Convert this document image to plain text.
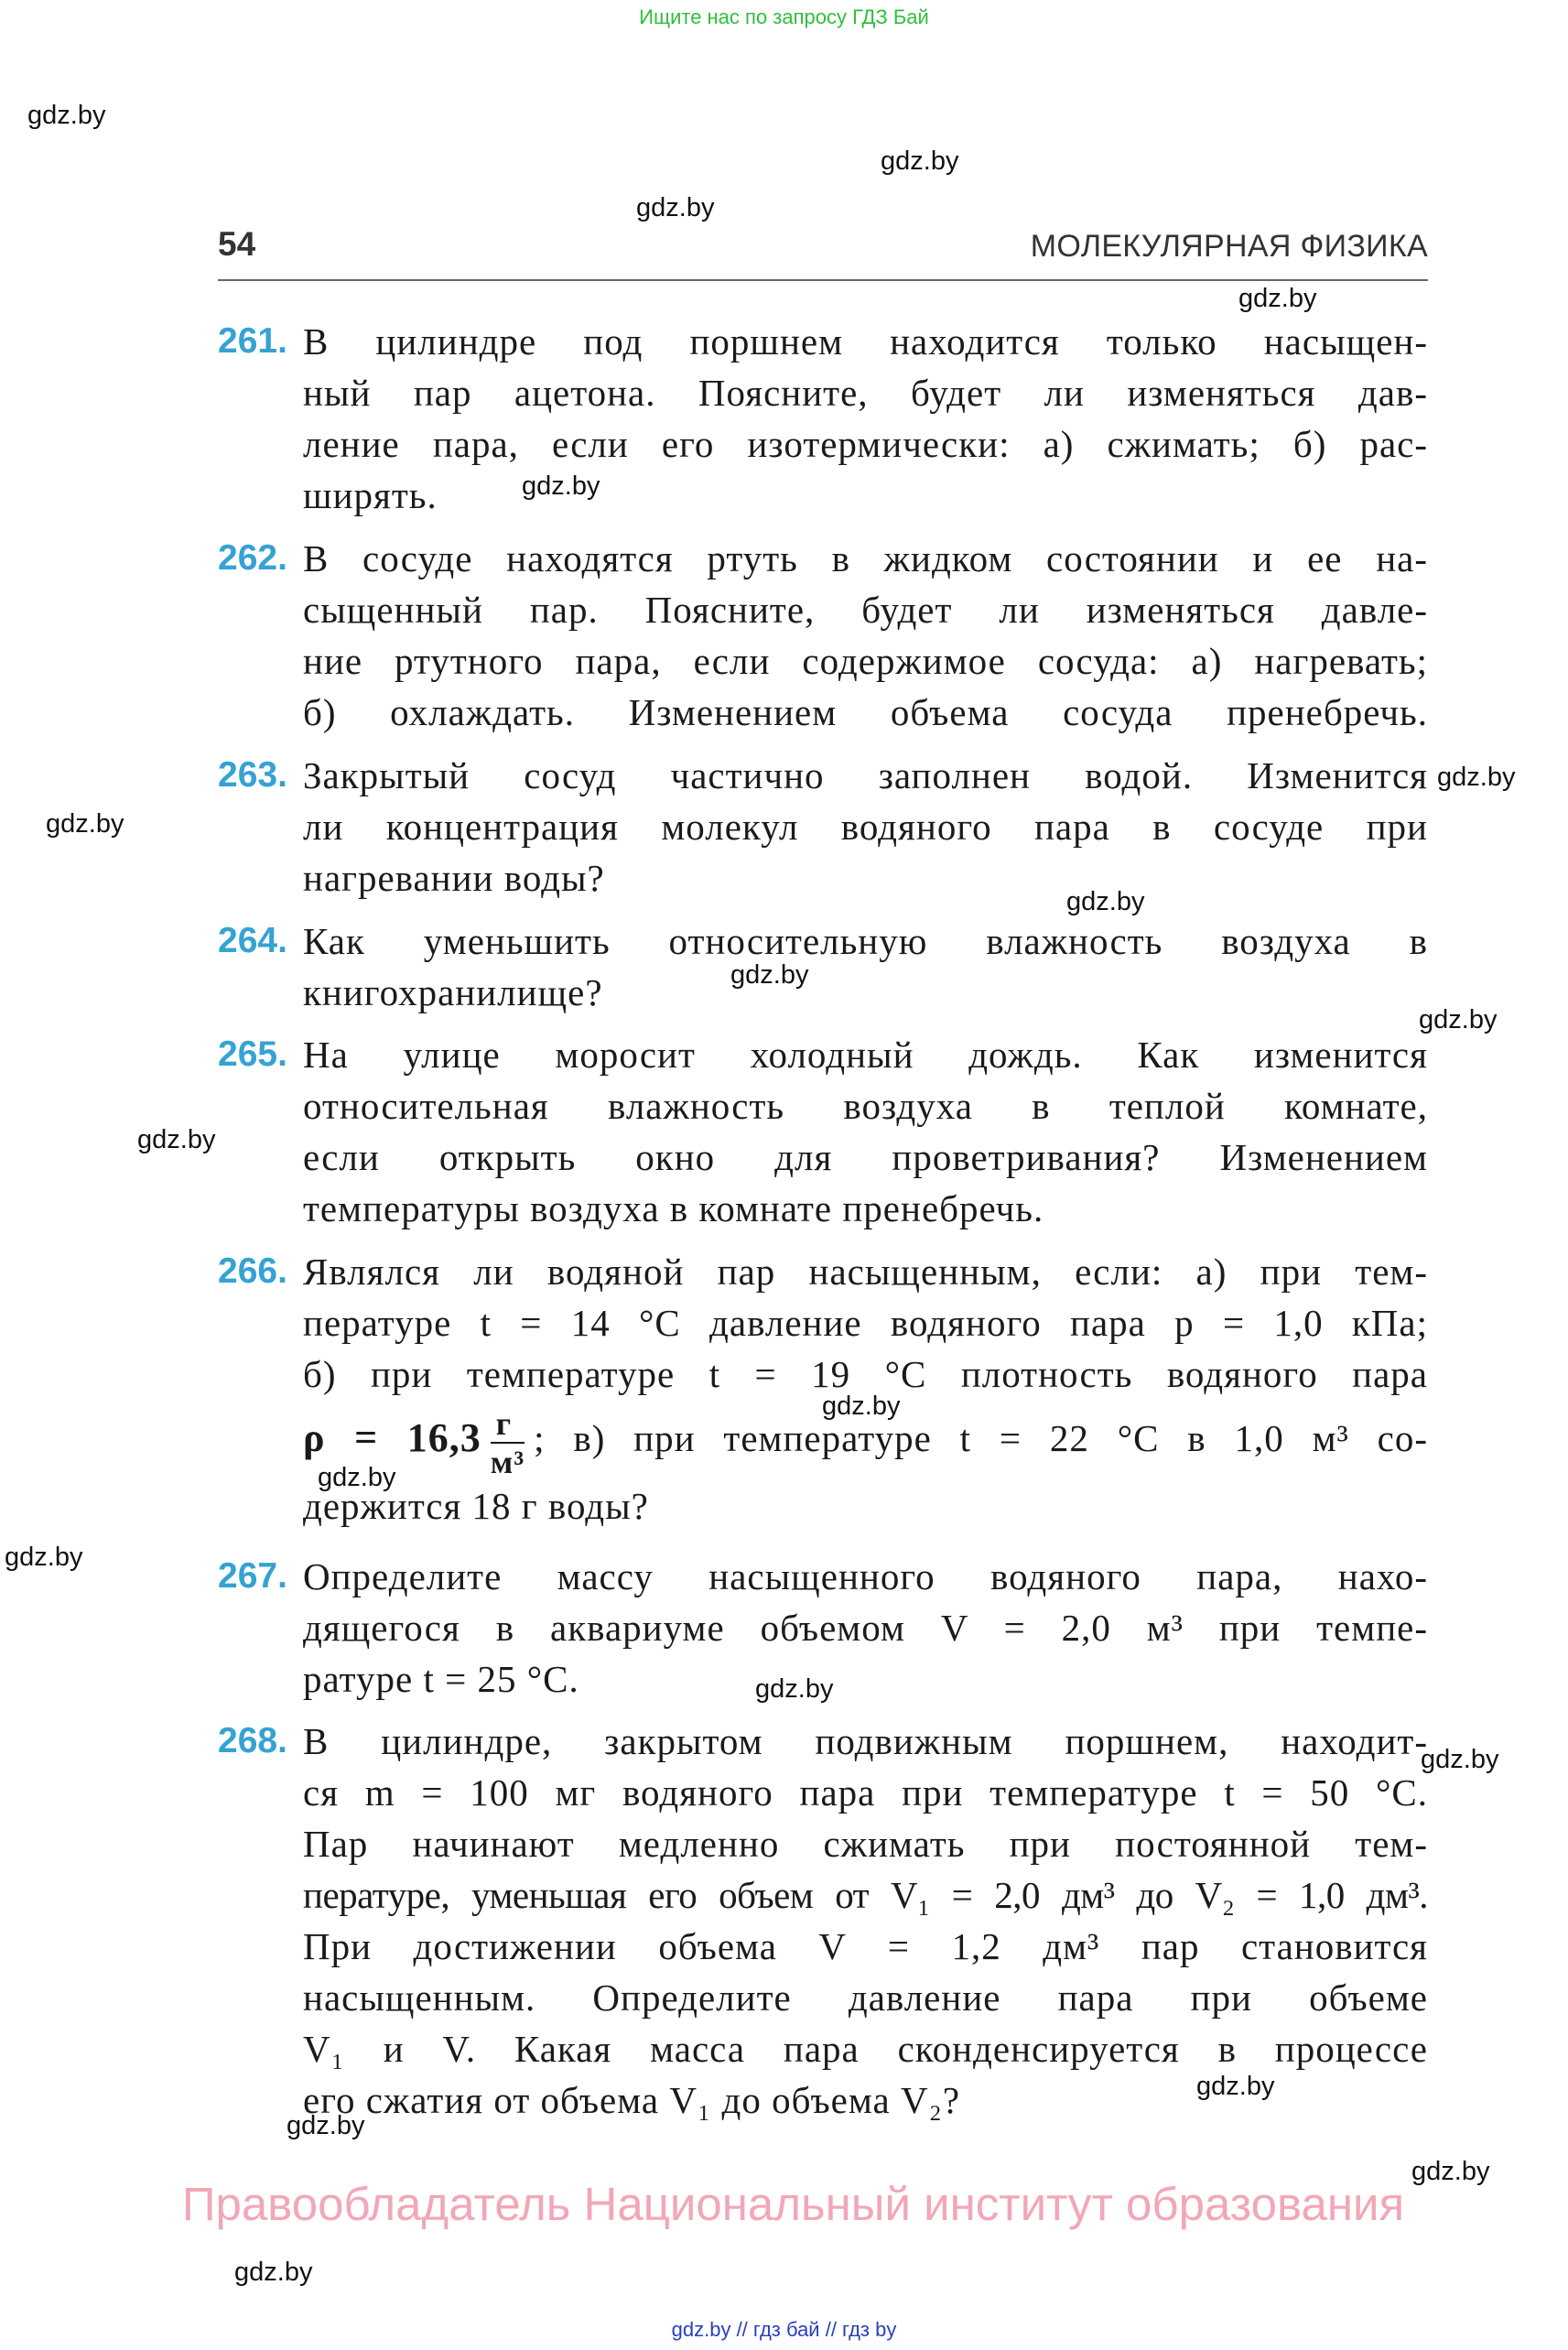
Ищите нас по запросу ГДЗ Бай
gdz.by
gdz.by
gdz.by
gdz.by
gdz.by
gdz.by
gdz.by
gdz.by
gdz.by
gdz.by
gdz.by
gdz.by
gdz.by
gdz.by
gdz.by
gdz.by
gdz.by
gdz.by
gdz.by
gdz.by
54	МОЛЕКУЛЯРНАЯ ФИЗИКА
261. В цилиндре под поршнем находится только насыщен-
ный пар ацетона. Поясните, будет ли изменяться дав-
ление пара, если его изотермически: а) сжимать; б) рас-
ширять.
262. В сосуде находятся ртуть в жидком состоянии и ее на-
сыщенный пар. Поясните, будет ли изменяться давле-
ние ртутного пара, если содержимое сосуда: а) нагревать;
б) охлаждать. Изменением объема сосуда пренебречь.
263. Закрытый сосуд частично заполнен водой. Изменится
ли концентрация молекул водяного пара в сосуде при
нагревании воды?
264. Как уменьшить относительную влажность воздуха в
книгохранилище?
265. На улице моросит холодный дождь. Как изменится
относительная влажность воздуха в теплой комнате,
если открыть окно для проветривания? Изменением
температуры воздуха в комнате пренебречь.
266. Являлся ли водяной пар насыщенным, если: а) при тем-
пературе t = 14 °С давление водяного пара p = 1,0 кПа;
б) при температуре t = 19 °С плотность водяного пара
$\rho = 16,3 \frac{г}{\text{м³}}$ ; в) при температуре t = 22 °С в 1,0 м³ со-
держится 18 г воды?
267. Определите массу насыщенного водяного пара, нахо-
дящегося в аквариуме объемом V = 2,0 м³ при темпе-
ратуре t = 25 °С.
268. В цилиндре, закрытом подвижным поршнем, находит-
ся m = 100 мг водяного пара при температуре t = 50 °С.
Пар начинают медленно сжимать при постоянной тем-
пературе, уменьшая его объем от V₁ = 2,0 дм³ до V₂ = 1,0 дм³.
При достижении объема V = 1,2 дм³ пар становится
насыщенным. Определите давление пара при объеме
V₁ и V. Какая масса пара сконденсируется в процессе
его сжатия от объема V₁ до объема V₂?
Правообладатель Национальный институт образования
gdz.by // гдз бай // гдз by
